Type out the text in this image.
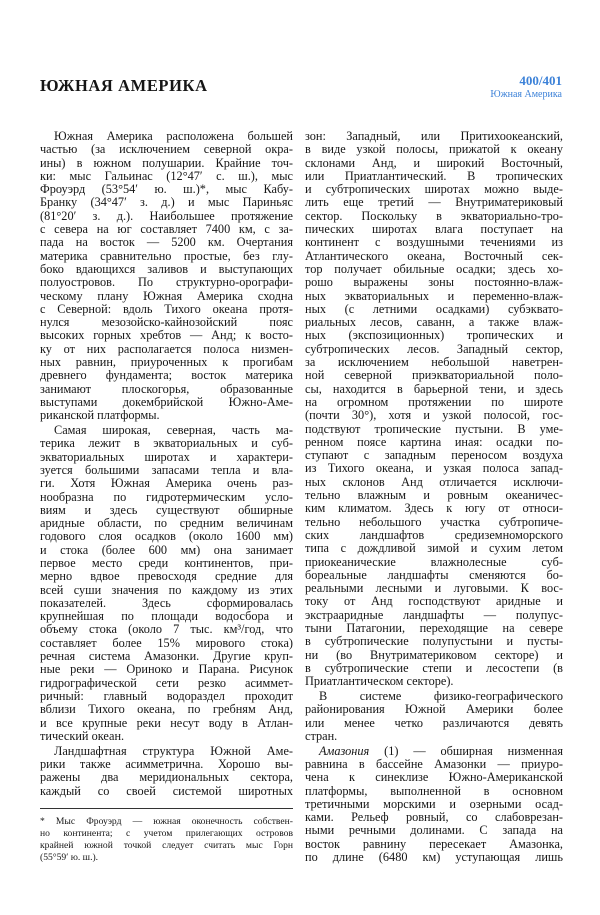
ЮЖНАЯ АМЕРИКА	400/401
Южная Америка
Южная Америка расположена большей
частью (за исключением северной окра-
ины) в южном полушарии. Крайние точ-
ки: мыс Гальинас (12°47′ с. ш.), мыс
Фроуэрд (53°54′ ю. ш.)*, мыс Кабу-
Бранку (34°47′ з. д.) и мыс Париньяс
(81°20′ з. д.). Наибольшее протяжение
с севера на юг составляет 7400 км, с за-
пада на восток — 5200 км. Очертания
материка сравнительно простые, без глу-
боко вдающихся заливов и выступающих
полуостровов. По структурно-орографи-
ческому плану Южная Америка сходна
с Северной: вдоль Тихого океана протя-
нулся мезозойско-кайнозойский пояс
высоких горных хребтов — Анд; к восто-
ку от них располагается полоса низмен-
ных равнин, приуроченных к прогибам
древнего фундамента; восток материка
занимают плоскогорья, образованные
выступами докембрийской Южно-Аме-
риканской платформы.
Самая широкая, северная, часть ма-
терика лежит в экваториальных и суб-
экваториальных широтах и характери-
зуется большими запасами тепла и вла-
ги. Хотя Южная Америка очень раз-
нообразна по гидротермическим усло-
виям и здесь существуют обширные
аридные области, по средним величинам
годового слоя осадков (около 1600 мм)
и стока (более 600 мм) она занимает
первое место среди континентов, при-
мерно вдвое превосходя средние для
всей суши значения по каждому из этих
показателей. Здесь сформировалась
крупнейшая по площади водосбора и
объему стока (около 7 тыс. км³/год, что
составляет более 15% мирового стока)
речная система Амазонки. Другие круп-
ные реки — Ориноко и Парана. Рисунок
гидрографической сети резко асиммет-
ричный: главный водораздел проходит
вблизи Тихого океана, по гребням Анд,
и все крупные реки несут воду в Атлан-
тический океан.
Ландшафтная структура Южной Аме-
рики также асимметрична. Хорошо вы-
ражены два меридиональных сектора,
каждый со своей системой широтных
зон: Западный, или Притихоокеанский,
в виде узкой полосы, прижатой к океану
склонами Анд, и широкий Восточный,
или Приатлантический. В тропических
и субтропических широтах можно выде-
лить еще третий — Внутриматериковый
сектор. Поскольку в экваториально-тро-
пических широтах влага поступает на
континент с воздушными течениями из
Атлантического океана, Восточный сек-
тор получает обильные осадки; здесь хо-
рошо выражены зоны постоянно-влаж-
ных экваториальных и переменно-влаж-
ных (с летними осадками) субэквато-
риальных лесов, саванн, а также влаж-
ных (экспозиционных) тропических и
субтропических лесов. Западный сектор,
за исключением небольшой наветрен-
ной северной приэкваториальной поло-
сы, находится в барьерной тени, и здесь
на огромном протяжении по широте
(почти 30°), хотя и узкой полосой, гос-
подствуют тропические пустыни. В уме-
ренном поясе картина иная: осадки по-
ступают с западным переносом воздуха
из Тихого океана, и узкая полоса запад-
ных склонов Анд отличается исключи-
тельно влажным и ровным океаничес-
ким климатом. Здесь к югу от относи-
тельно небольшого участка субтропиче-
ских ландшафтов средиземноморского
типа с дождливой зимой и сухим летом
приокеанические влажнолесные суб-
бореальные ландшафты сменяются бо-
реальными лесными и луговыми. К вос-
току от Анд господствуют аридные и
экстрааридные ландшафты — полупус-
тыни Патагонии, переходящие на севере
в субтропические полупустыни и пусты-
ни (во Внутриматериковом секторе) и
в субтропические степи и лесостепи (в
Приатлантическом секторе).
В системе физико-географического
районирования Южной Америки более
или менее четко различаются девять
стран.
Амазония (1) — обширная низменная
равнина в бассейне Амазонки — приуро-
чена к синеклизе Южно-Американской
платформы, выполненной в основном
третичными морскими и озерными осад-
ками. Рельеф ровный, со слабоврезан-
ными речными долинами. С запада на
восток равнину пересекает Амазонка,
по длине (6480 км) уступающая лишь
* Мыс Фроуэрд — южная оконечность собствен-
но континента; с учетом прилегающих островов
крайней южной точкой следует считать мыс Горн
(55°59′ ю. ш.).
